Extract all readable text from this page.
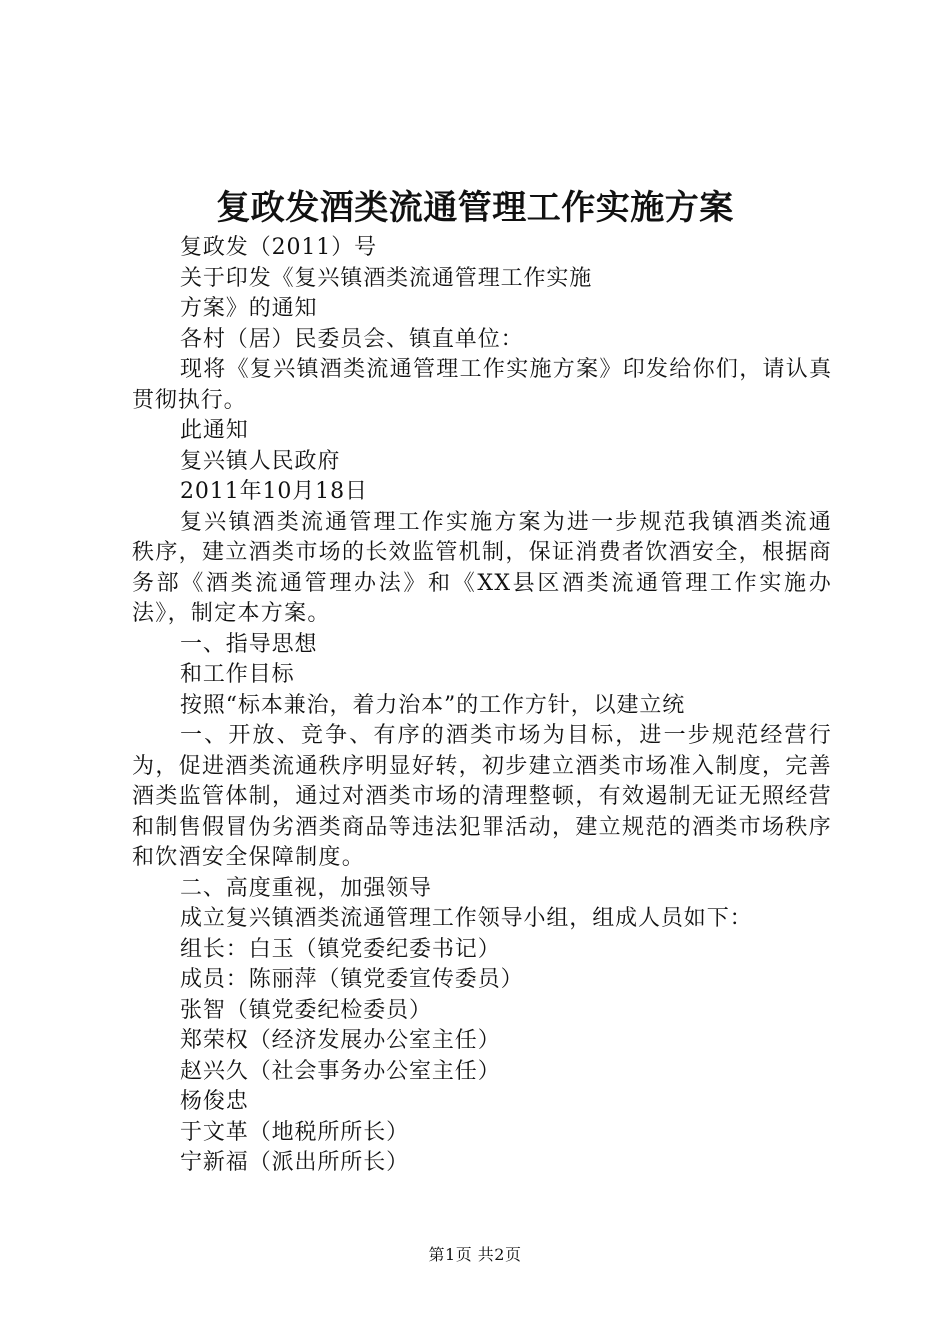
复政发酒类流通管理工作实施方案

复政发（2011）号

关于印发《复兴镇酒类流通管理工作实施

方案》的通知

各村（居）民委员会、镇直单位：

现将《复兴镇酒类流通管理工作实施方案》印发给你们，请认真贯彻执行。

此通知

复兴镇人民政府

2011年10月18日

复兴镇酒类流通管理工作实施方案为进一步规范我镇酒类流通秩序，建立酒类市场的长效监管机制，保证消费者饮酒安全，根据商务部《酒类流通管理办法》和《XX县区酒类流通管理工作实施办法》，制定本方案。

一、指导思想

和工作目标

按照“标本兼治，着力治本”的工作方针，以建立统

一、开放、竞争、有序的酒类市场为目标，进一步规范经营行为，促进酒类流通秩序明显好转，初步建立酒类市场准入制度，完善酒类监管体制，通过对酒类市场的清理整顿，有效遏制无证无照经营和制售假冒伪劣酒类商品等违法犯罪活动，建立规范的酒类市场秩序和饮酒安全保障制度。

二、高度重视，加强领导

成立复兴镇酒类流通管理工作领导小组，组成人员如下：

组长：白玉（镇党委纪委书记）

成员：陈丽萍（镇党委宣传委员）

张智（镇党委纪检委员）

郑荣权（经济发展办公室主任）

赵兴久（社会事务办公室主任）

杨俊忠

于文革（地税所所长）

宁新福（派出所所长）

第1页 共2页
